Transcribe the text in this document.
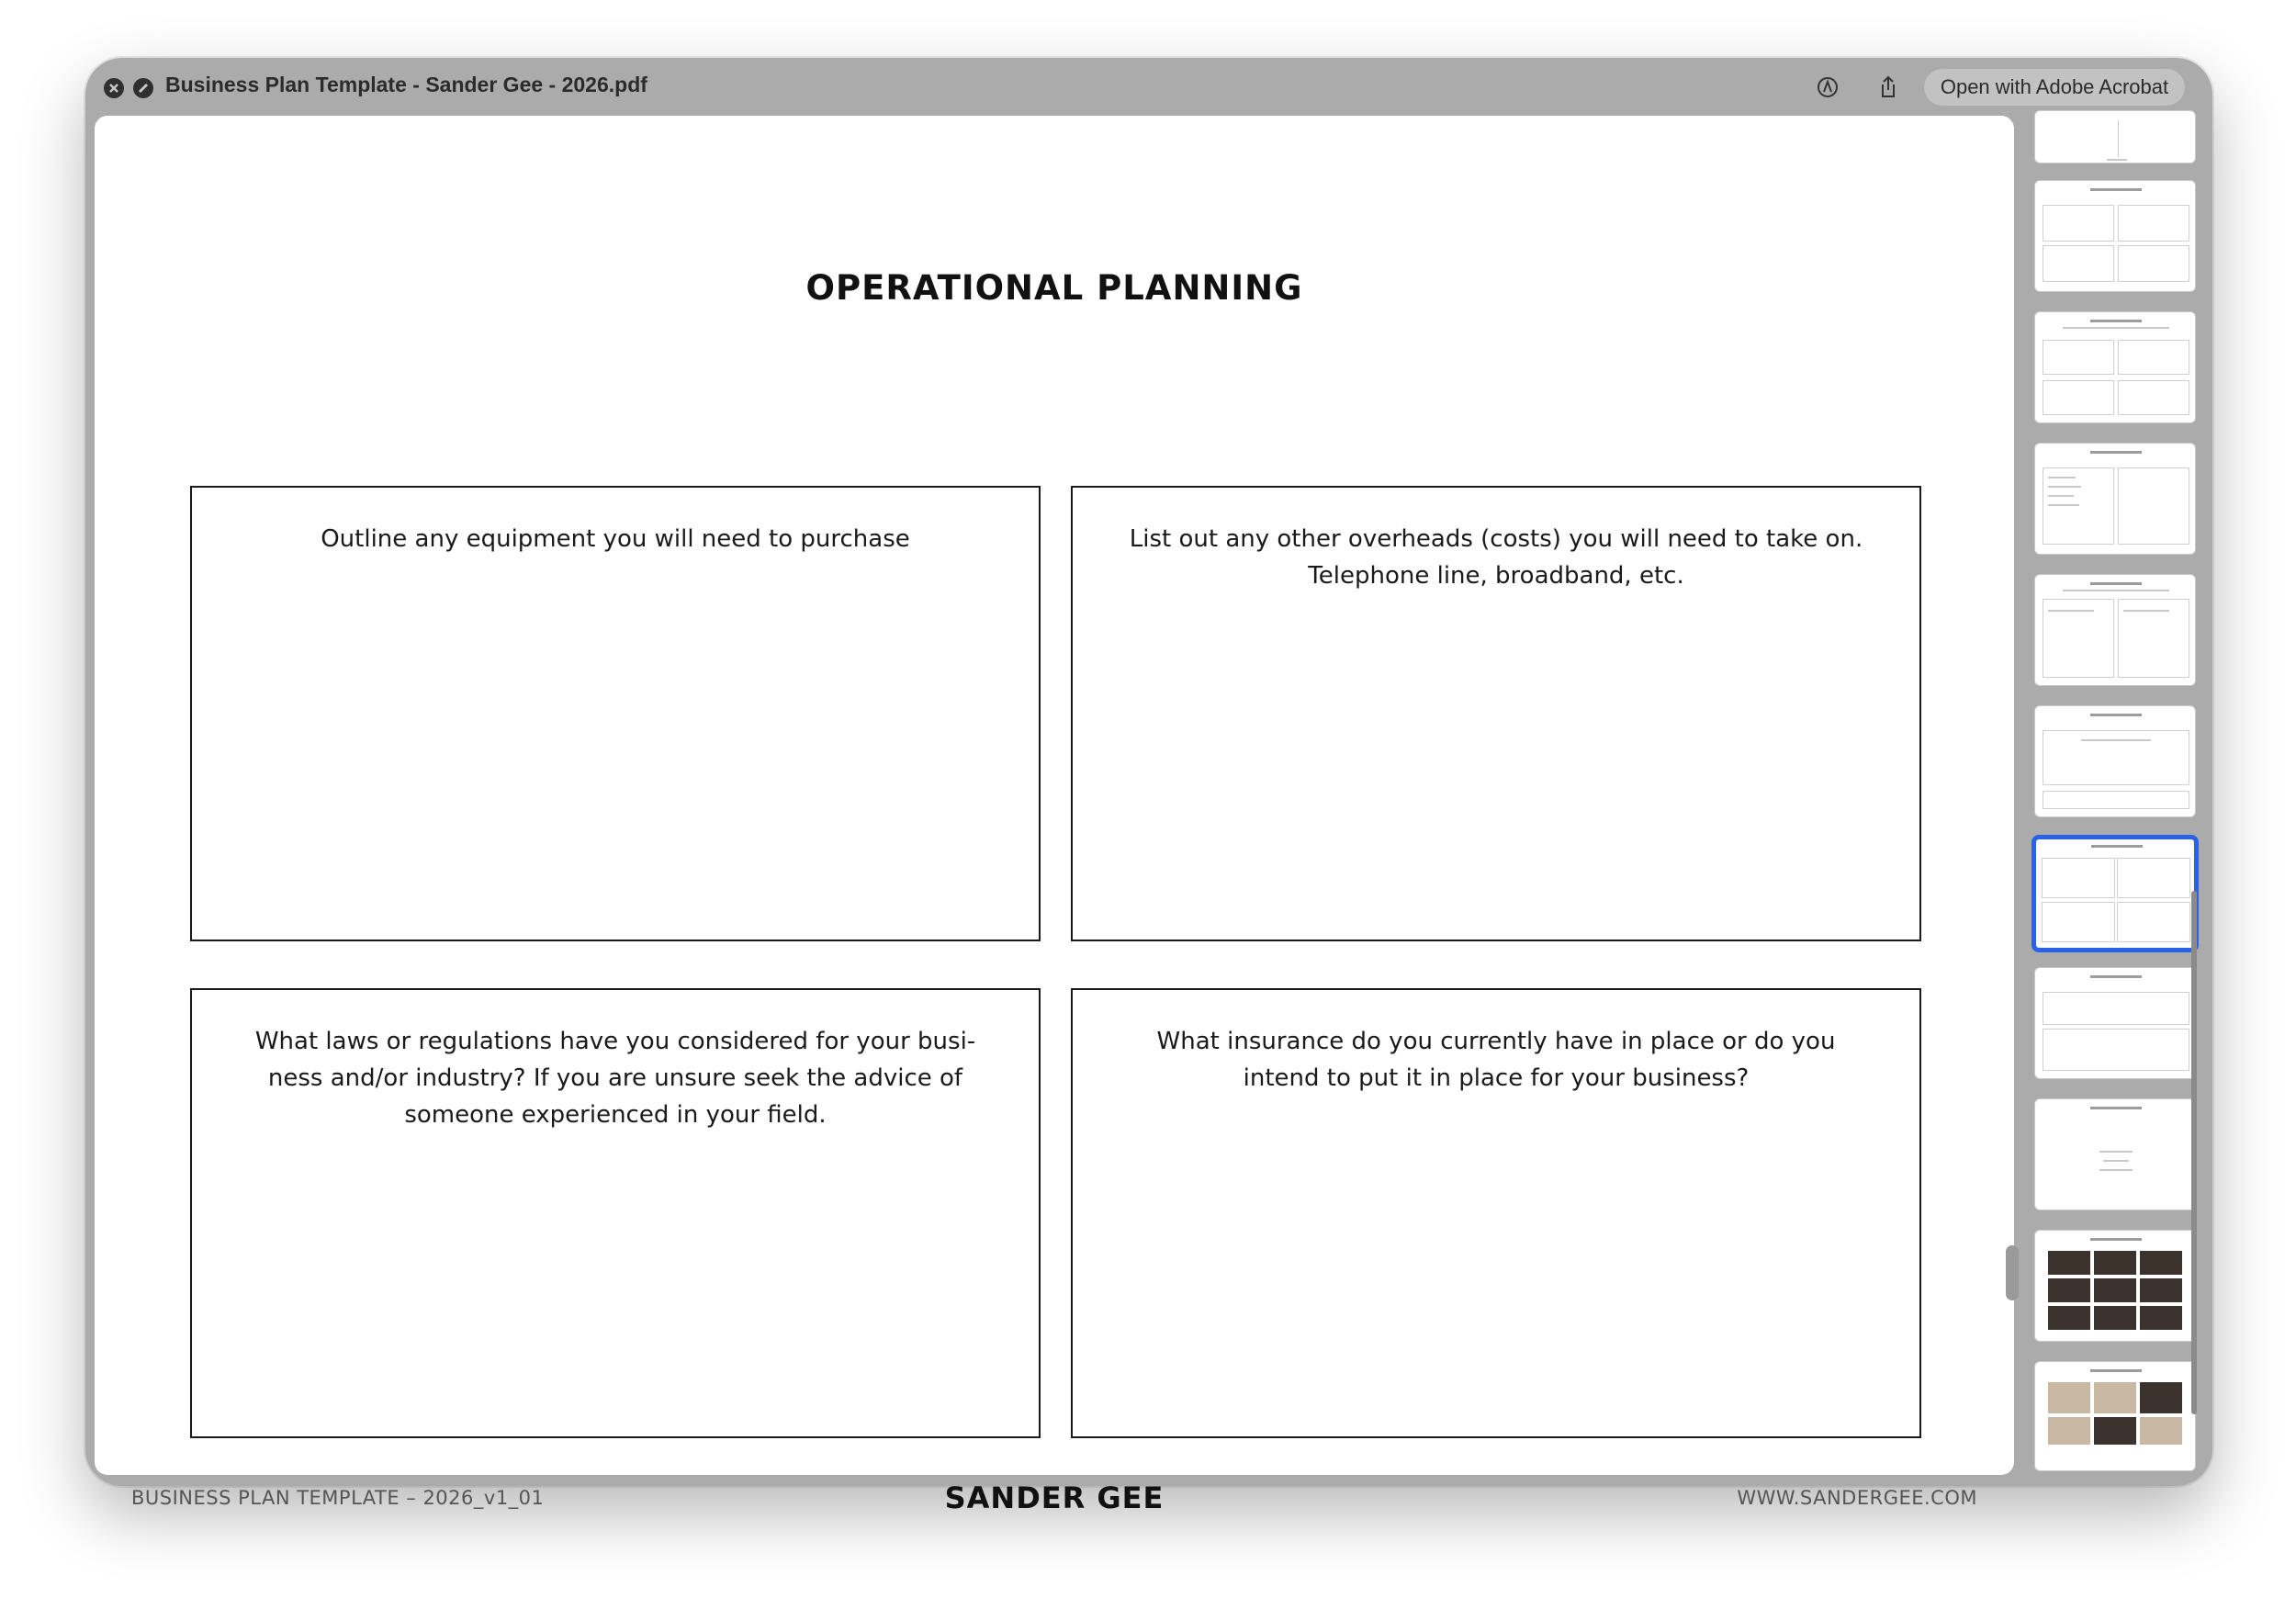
Business Plan Template - Sander Gee - 2026.pdf	Open with Adobe Acrobat
OPERATIONAL PLANNING
Outline any equipment you will need to purchase	List out any other overheads (costs) you will need to take on. Telephone line, broadband, etc.
What laws or regulations have you considered for your busi-ness and/or industry? If you are unsure seek the advice of someone experienced in your field.
What insurance do you currently have in place or do you intend to put it in place for your business?
BUSINESS PLAN TEMPLATE – 2026_v1_01	SANDER GEE	WWW.SANDERGEE.COM
